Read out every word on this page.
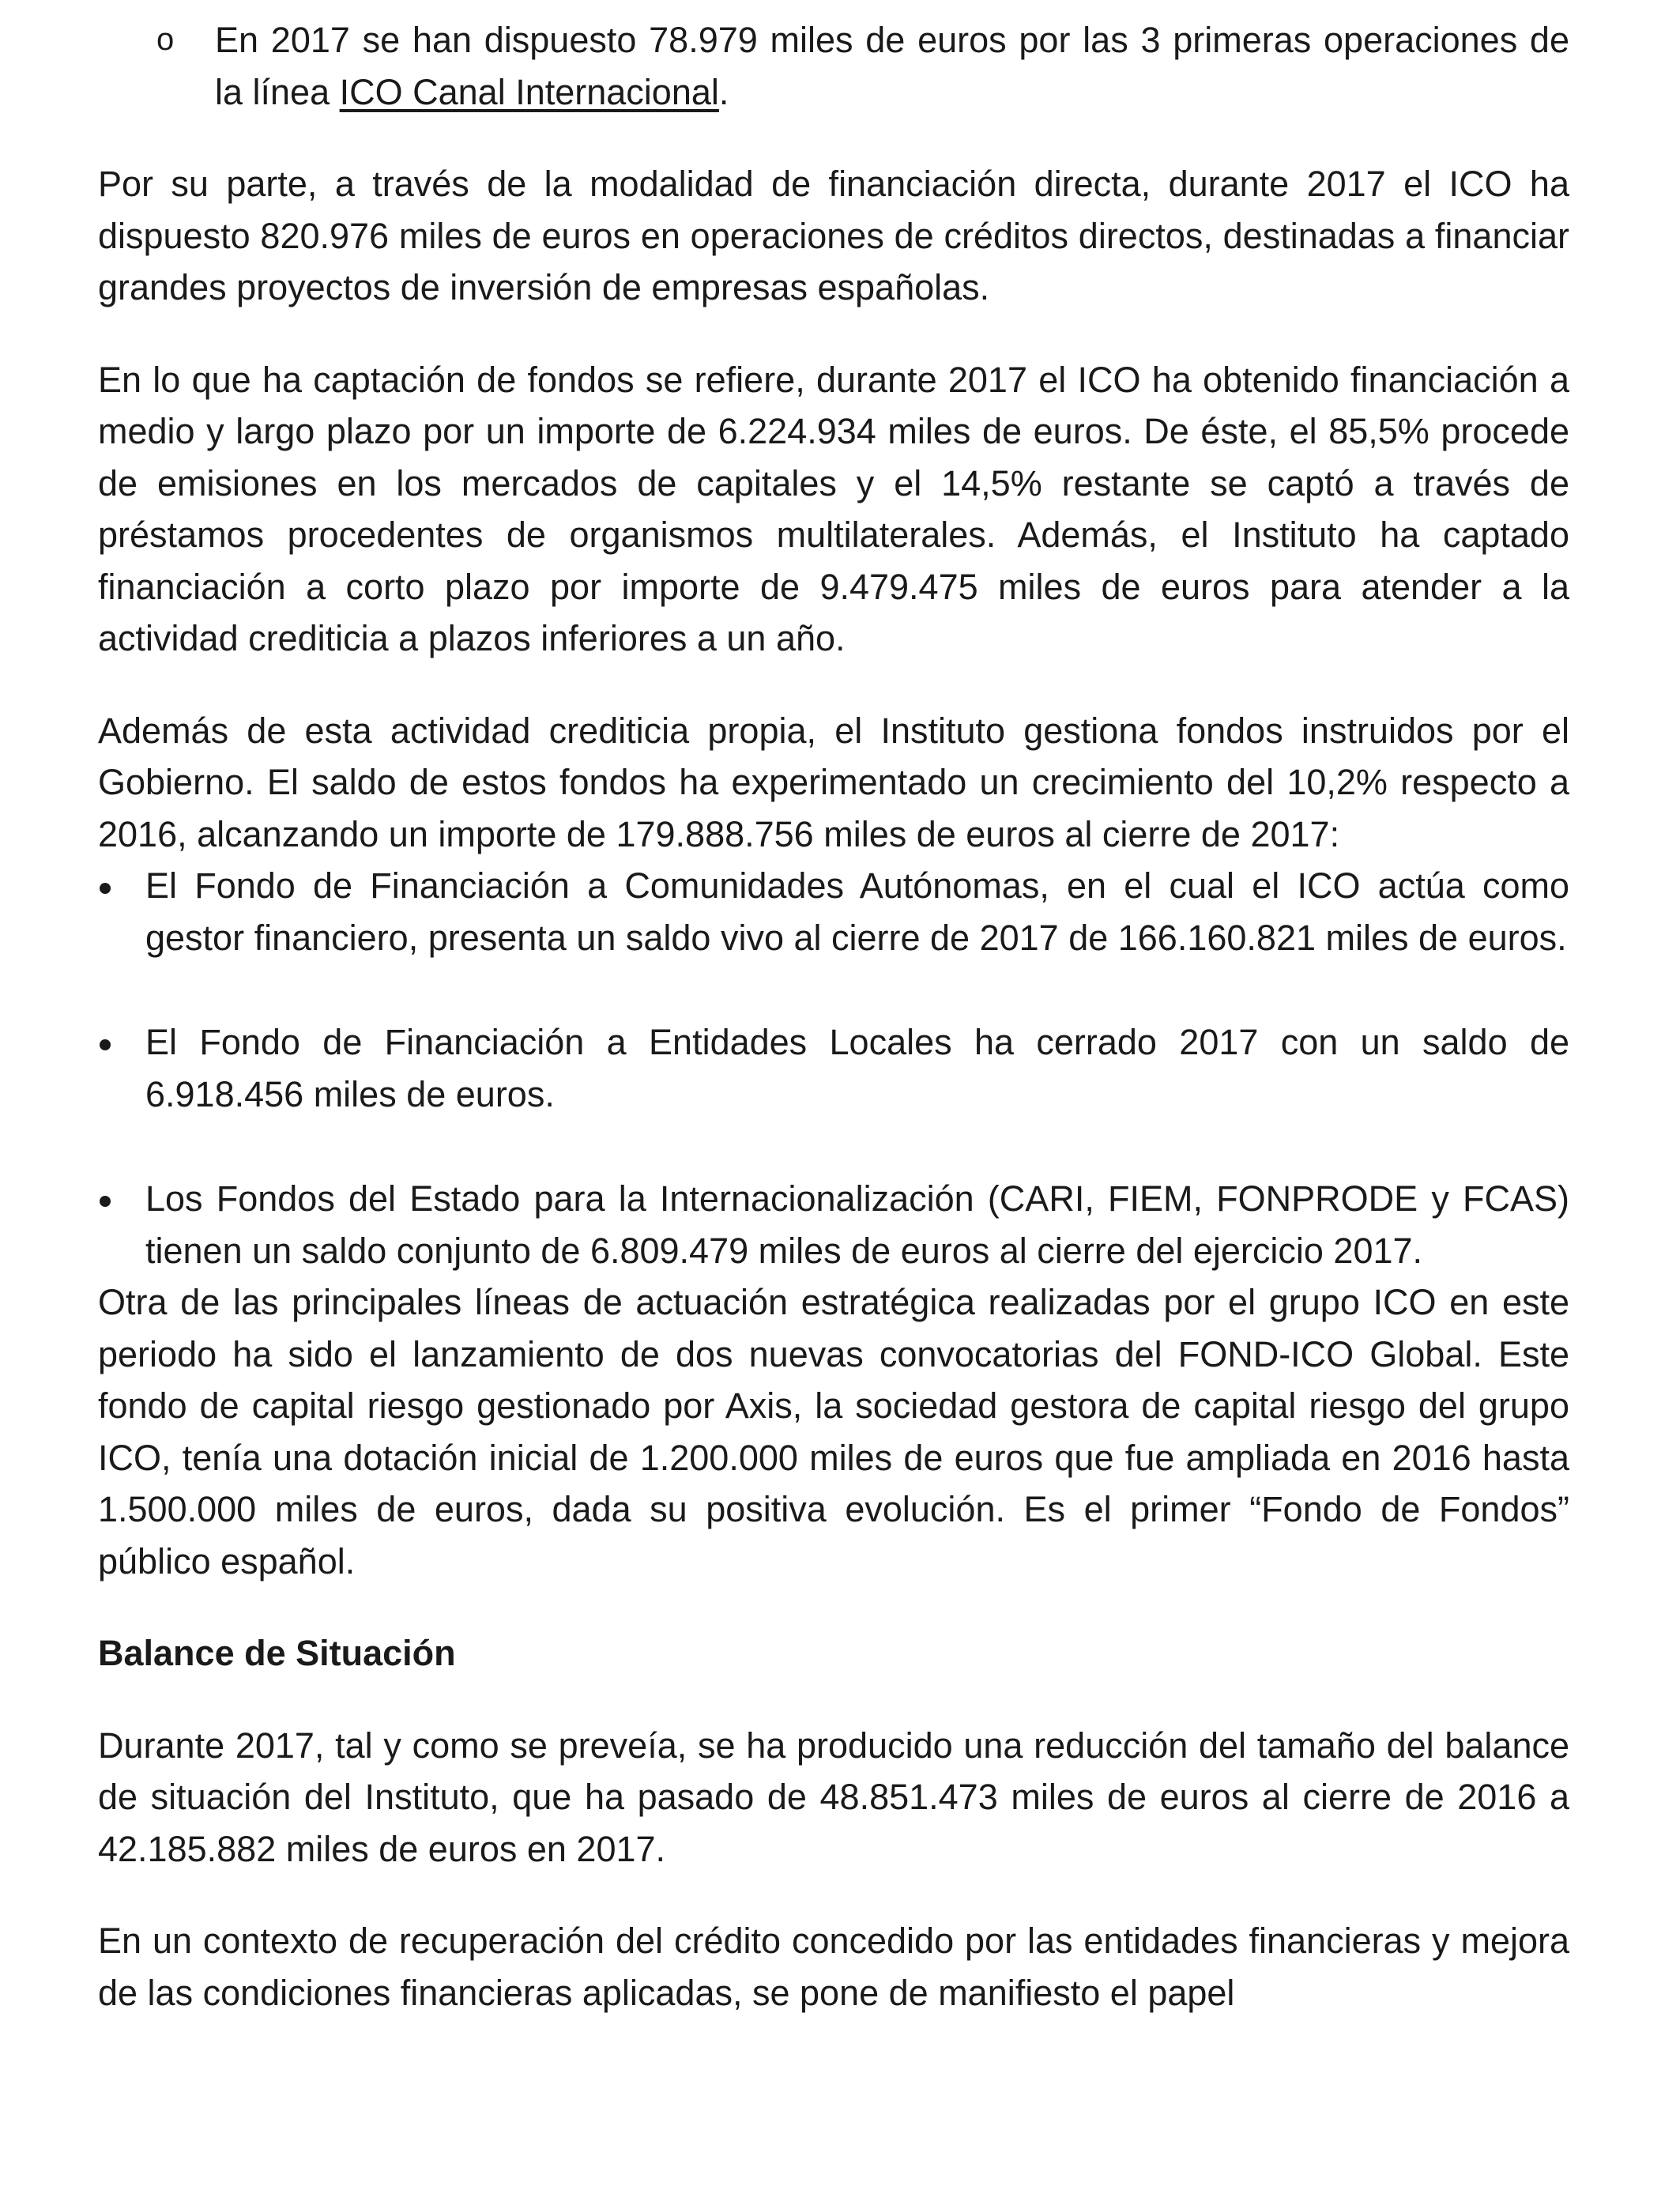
o En 2017 se han dispuesto 78.979 miles de euros por las 3 primeras operaciones de la línea ICO Canal Internacional.

Por su parte, a través de la modalidad de financiación directa, durante 2017 el ICO ha dispuesto 820.976 miles de euros en operaciones de créditos directos, destinadas a financiar grandes proyectos de inversión de empresas españolas.

En lo que ha captación de fondos se refiere, durante 2017 el ICO ha obtenido financiación a medio y largo plazo por un importe de 6.224.934 miles de euros. De éste, el 85,5% procede de emisiones en los mercados de capitales y el 14,5% restante se captó a través de préstamos procedentes de organismos multilaterales. Además, el Instituto ha captado financiación a corto plazo por importe de 9.479.475 miles de euros para atender a la actividad crediticia a plazos inferiores a un año.

Además de esta actividad crediticia propia, el Instituto gestiona fondos instruidos por el Gobierno. El saldo de estos fondos ha experimentado un crecimiento del 10,2% respecto a 2016, alcanzando un importe de 179.888.756 miles de euros al cierre de 2017:

El Fondo de Financiación a Comunidades Autónomas, en el cual el ICO actúa como gestor financiero, presenta un saldo vivo al cierre de 2017 de 166.160.821 miles de euros.
El Fondo de Financiación a Entidades Locales ha cerrado 2017 con un saldo de 6.918.456 miles de euros.
Los Fondos del Estado para la Internacionalización (CARI, FIEM, FONPRODE y FCAS) tienen un saldo conjunto de 6.809.479 miles de euros al cierre del ejercicio 2017.

Otra de las principales líneas de actuación estratégica realizadas por el grupo ICO en este periodo ha sido el lanzamiento de dos nuevas convocatorias del FOND-ICO Global. Este fondo de capital riesgo gestionado por Axis, la sociedad gestora de capital riesgo del grupo ICO, tenía una dotación inicial de 1.200.000 miles de euros que fue ampliada en 2016 hasta 1.500.000 miles de euros, dada su positiva evolución. Es el primer “Fondo de Fondos” público español.

Balance de Situación

Durante 2017, tal y como se preveía, se ha producido una reducción del tamaño del balance de situación del Instituto, que ha pasado de 48.851.473 miles de euros al cierre de 2016 a 42.185.882 miles de euros en 2017.

En un contexto de recuperación del crédito concedido por las entidades financieras y mejora de las condiciones financieras aplicadas, se pone de manifiesto el papel
